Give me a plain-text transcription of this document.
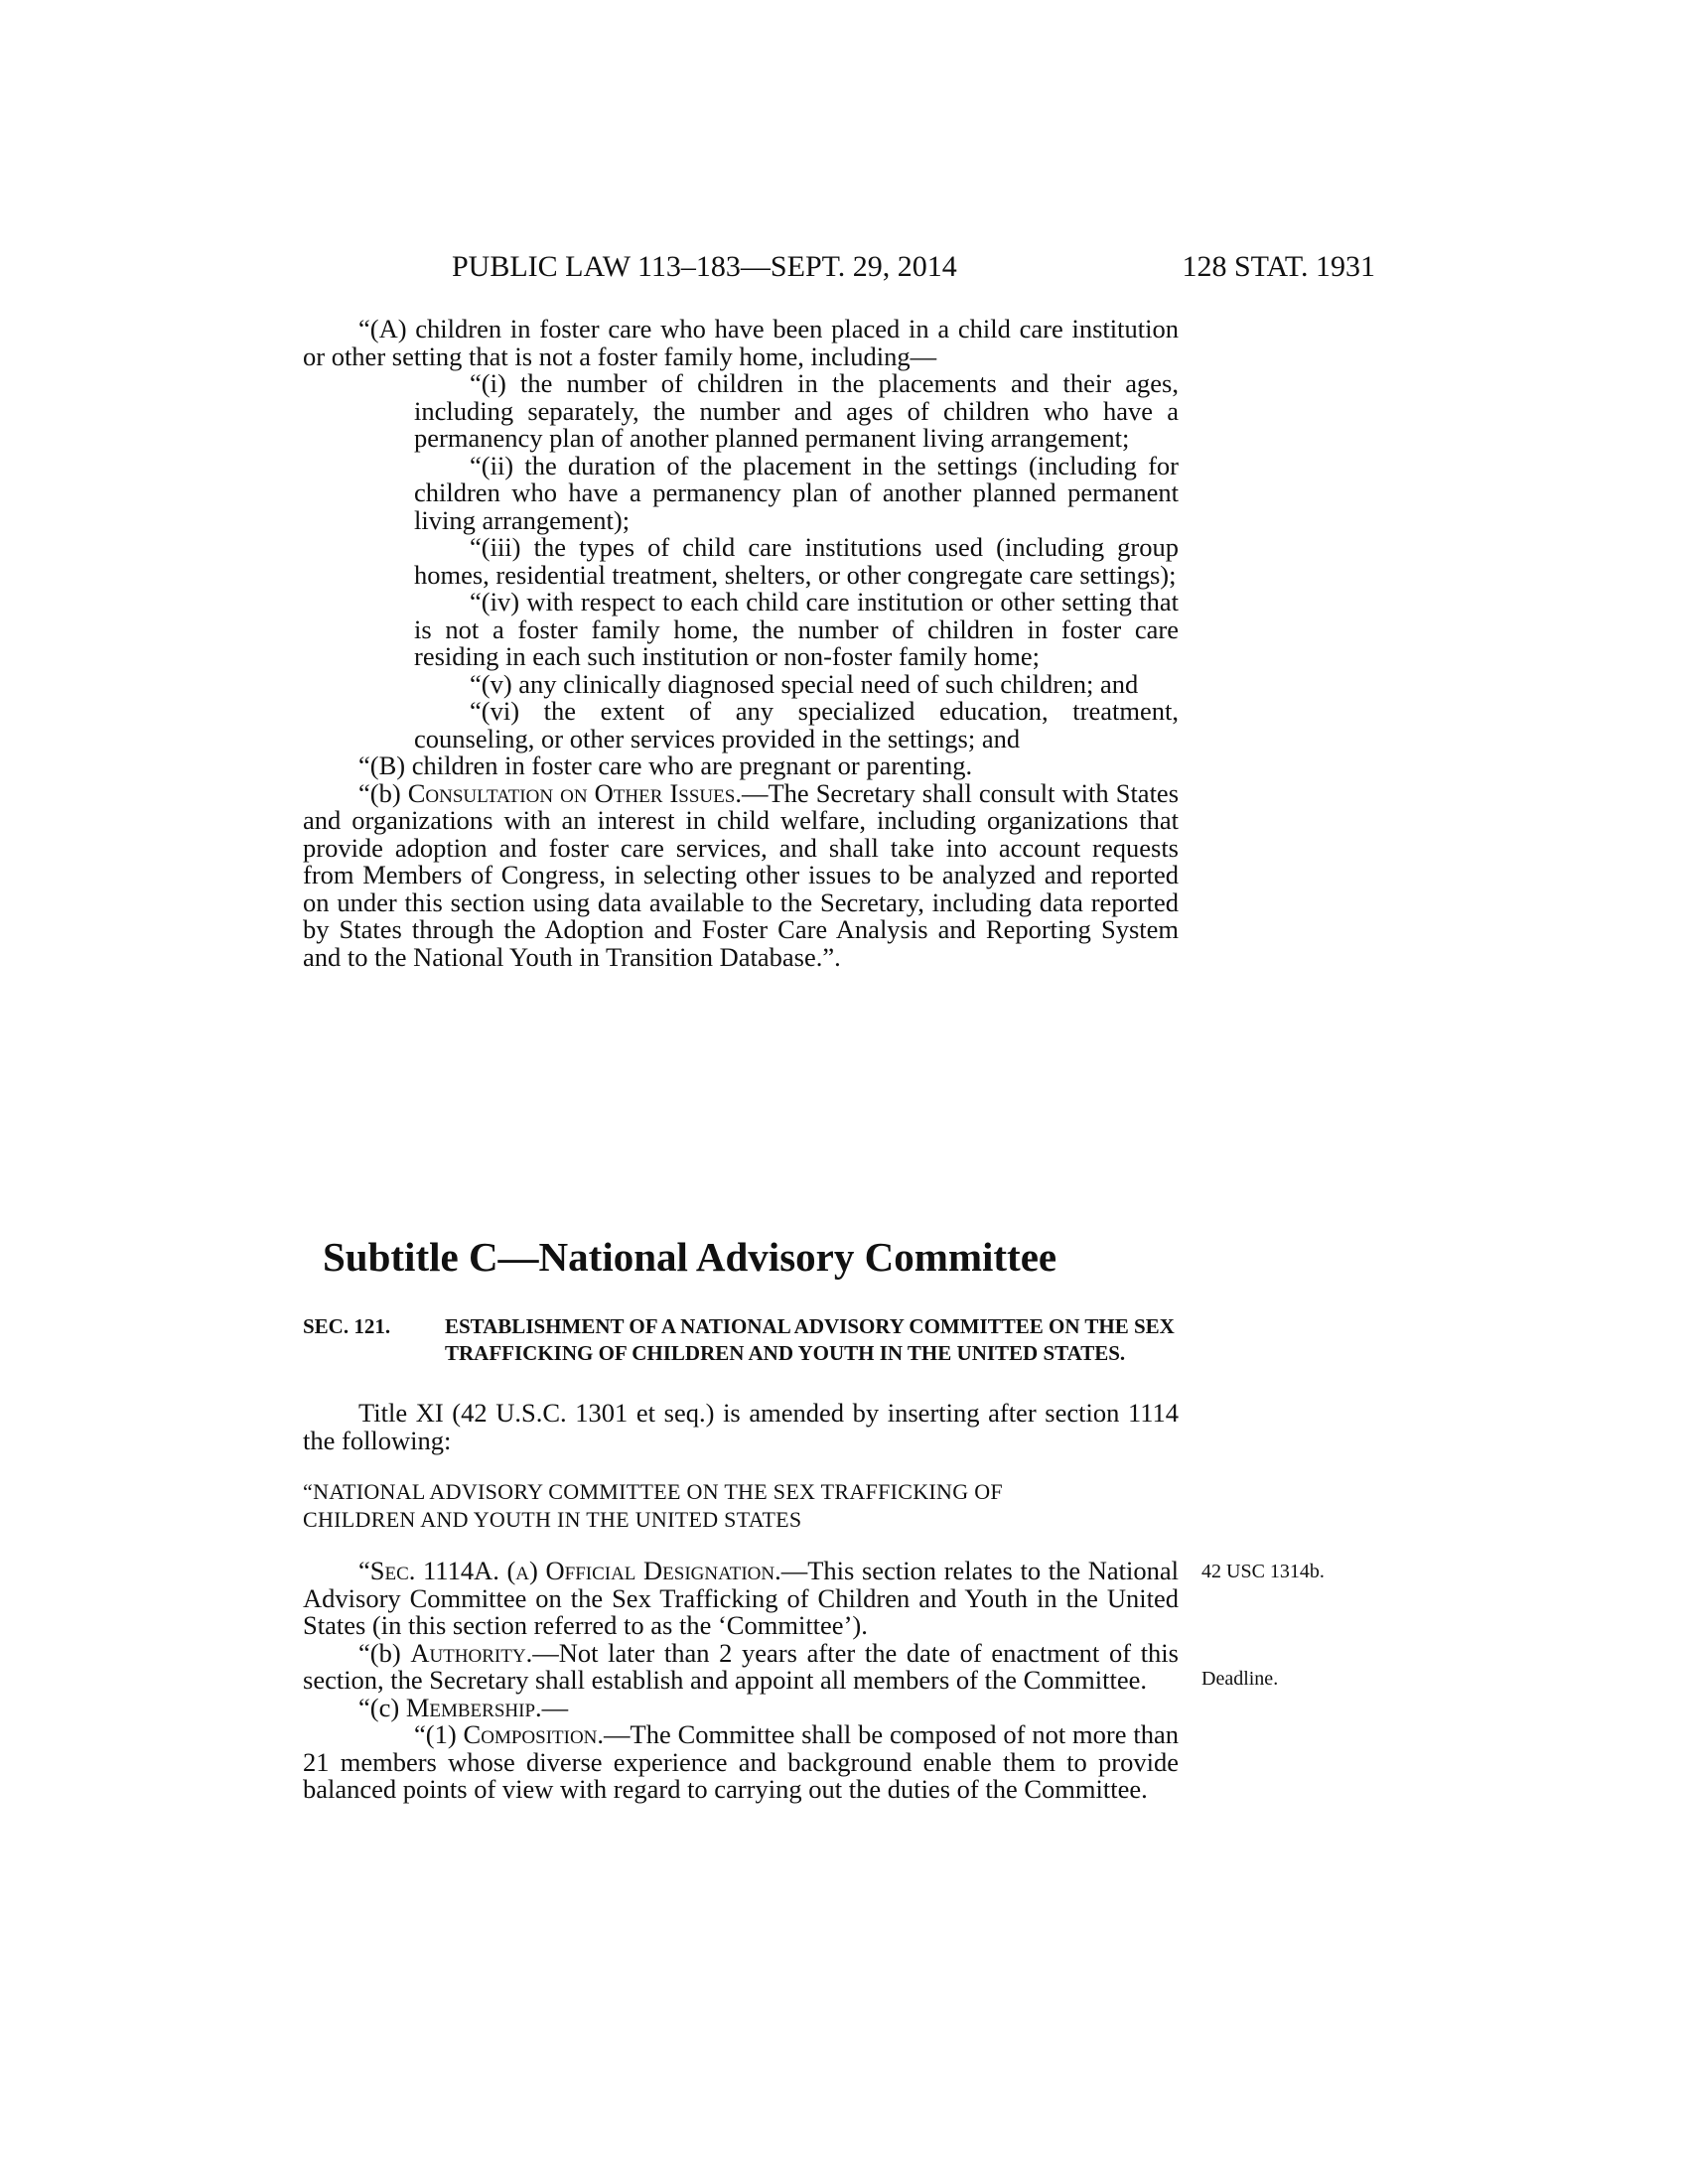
PUBLIC LAW 113–183—SEPT. 29, 2014	128 STAT. 1931

“(A) children in foster care who have been placed in a child care institution or other setting that is not a foster family home, including—

“(i) the number of children in the placements and their ages, including separately, the number and ages of children who have a permanency plan of another planned permanent living arrangement;

“(ii) the duration of the placement in the settings (including for children who have a permanency plan of another planned permanent living arrangement);

“(iii) the types of child care institutions used (including group homes, residential treatment, shelters, or other congregate care settings);

“(iv) with respect to each child care institution or other setting that is not a foster family home, the number of children in foster care residing in each such institution or non-foster family home;

“(v) any clinically diagnosed special need of such children; and

“(vi) the extent of any specialized education, treatment, counseling, or other services provided in the settings; and

“(B) children in foster care who are pregnant or parenting.

“(b) Consultation on Other Issues.—The Secretary shall consult with States and organizations with an interest in child welfare, including organizations that provide adoption and foster care services, and shall take into account requests from Members of Congress, in selecting other issues to be analyzed and reported on under this section using data available to the Secretary, including data reported by States through the Adoption and Foster Care Analysis and Reporting System and to the National Youth in Transition Database.”.

Subtitle C—National Advisory Committee
SEC. 121.	ESTABLISHMENT OF A NATIONAL ADVISORY COMMITTEE ON THE SEX TRAFFICKING OF CHILDREN AND YOUTH IN THE UNITED STATES.

Title XI (42 U.S.C. 1301 et seq.) is amended by inserting after section 1114 the following:

“NATIONAL ADVISORY COMMITTEE ON THE SEX TRAFFICKING OF

CHILDREN AND YOUTH IN THE UNITED STATES

“Sec. 1114A. (a) Official Designation.—This section relates to the National Advisory Committee on the Sex Trafficking of Children and Youth in the United States (in this section referred to as the ‘Committee’).

“(b) Authority.—Not later than 2 years after the date of enactment of this section, the Secretary shall establish and appoint all members of the Committee.

“(c) Membership.—

“(1) Composition.—The Committee shall be composed of not more than 21 members whose diverse experience and background enable them to provide balanced points of view with regard to carrying out the duties of the Committee.

42 USC 1314b.
Deadline.
